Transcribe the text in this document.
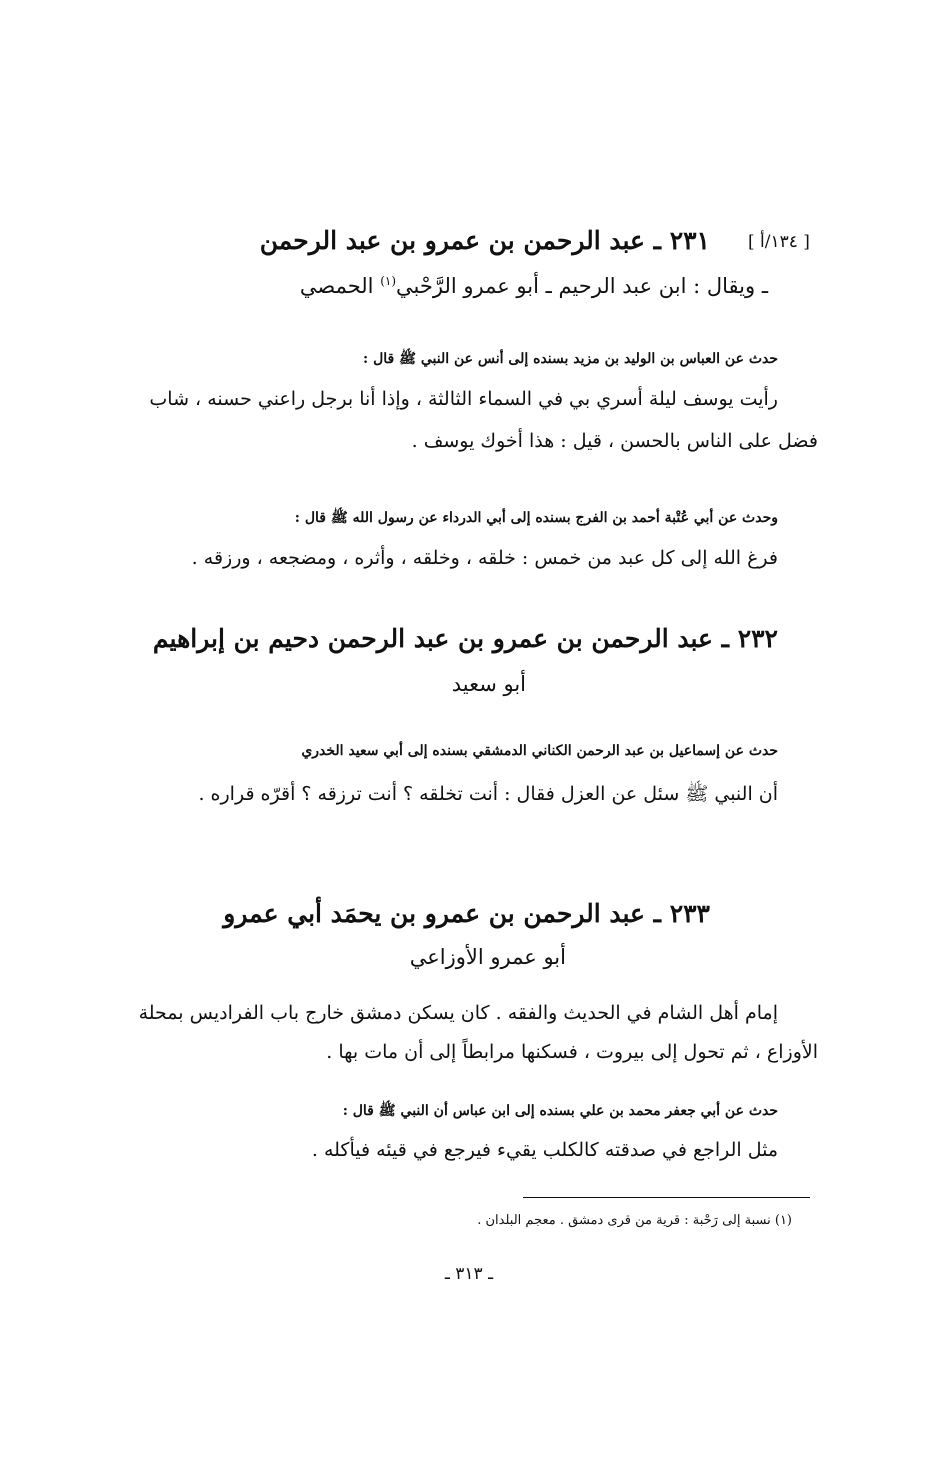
[ ١٣٤/أ ]
٢٣١ ـ عبد الرحمن بن عمرو بن عبد الرحمن
ـ ويقال : ابن عبد الرحيم ـ أبو عمرو الرَّحْبي$^{(١)}$ الحمصي
حدث عن العباس بن الوليد بن مزيد بسنده إلى أنس عن النبي ﷺ قال :
رأيت يوسف ليلة أسري بي في السماء الثالثة ، وإذا أنا برجل راعني حسنه ، شاب
فضل على الناس بالحسن ، قيل : هذا أخوك يوسف .
وحدث عن أبي عُتْبة أحمد بن الفرج بسنده إلى أبي الدرداء عن رسول الله ﷺ قال :
فرغ الله إلى كل عبد من خمس : خلقه ، وخلقه ، وأثره ، ومضجعه ، ورزقه .
٢٣٢ ـ عبد الرحمن بن عمرو بن عبد الرحمن دحيم بن إبراهيم
أبو سعيد
حدث عن إسماعيل بن عبد الرحمن الكناني الدمشقي بسنده إلى أبي سعيد الخدري
أن النبي ﷺ سئل عن العزل فقال : أنت تخلقه ؟ أنت ترزقه ؟ أقرّه قراره .
٢٣٣ ـ عبد الرحمن بن عمرو بن يحمَد أبي عمرو
أبو عمرو الأوزاعي
إمام أهل الشام في الحديث والفقه . كان يسكن دمشق خارج باب الفراديس بمحلة
الأوزاع ، ثم تحول إلى بيروت ، فسكنها مرابطاً إلى أن مات بها .
حدث عن أبي جعفر محمد بن علي بسنده إلى ابن عباس أن النبي ﷺ قال :
مثل الراجع في صدقته كالكلب يقيء فيرجع في قيئه فيأكله .
(١) نسبة إلى رَحْبة : قرية من قرى دمشق . معجم البلدان .
ـ ٣١٣ ـ
